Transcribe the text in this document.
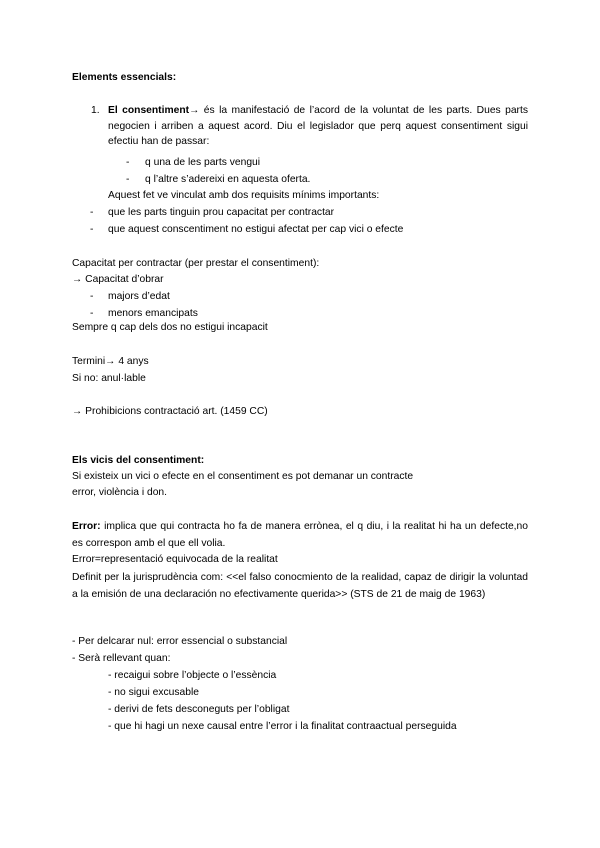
Elements essencials:
1. El consentiment→ és la manifestació de l’acord de la voluntat de les parts. Dues parts negocien i arriben a aquest acord. Diu el legislador que perq aquest consentiment sigui efectiu han de passar:
- q una de les parts vengui
- q l’altre s’adereixi en aquesta oferta.
Aquest fet ve vinculat amb dos requisits mínims importants:
- que les parts tinguin prou capacitat per contractar
- que aquest conscentiment no estigui afectat per cap vici o efecte
Capacitat per contractar (per prestar el consentiment):
→ Capacitat d’obrar
- majors d’edat
- menors emancipats
Sempre q cap dels dos no estigui incapacit
Termini→ 4 anys
Si no: anul·lable
→ Prohibicions contractació art. (1459 CC)
Els vicis del consentiment:
Si existeix un vici o efecte en el consentiment es pot demanar un contracte
error, violència i don.
Error: implica que qui contracta ho fa de manera errònea, el q diu, i la realitat hi ha un defecte,no es correspon amb el que ell volia.
Error=representació equivocada de la realitat
Definit per la jurisprudència com: <<el falso conocmiento de la realidad, capaz de dirigir la voluntad a la emisión de una declaración no efectivamente querida>> (STS de 21 de maig de 1963)
- Per delcarar nul: error essencial o substancial
- Serà rellevant quan:
- recaigui sobre l’objecte o l’essència
- no sigui excusable
- derivi de fets desconeguts per l’obligat
- que hi hagi un nexe causal entre l’error i la finalitat contraactual perseguida
